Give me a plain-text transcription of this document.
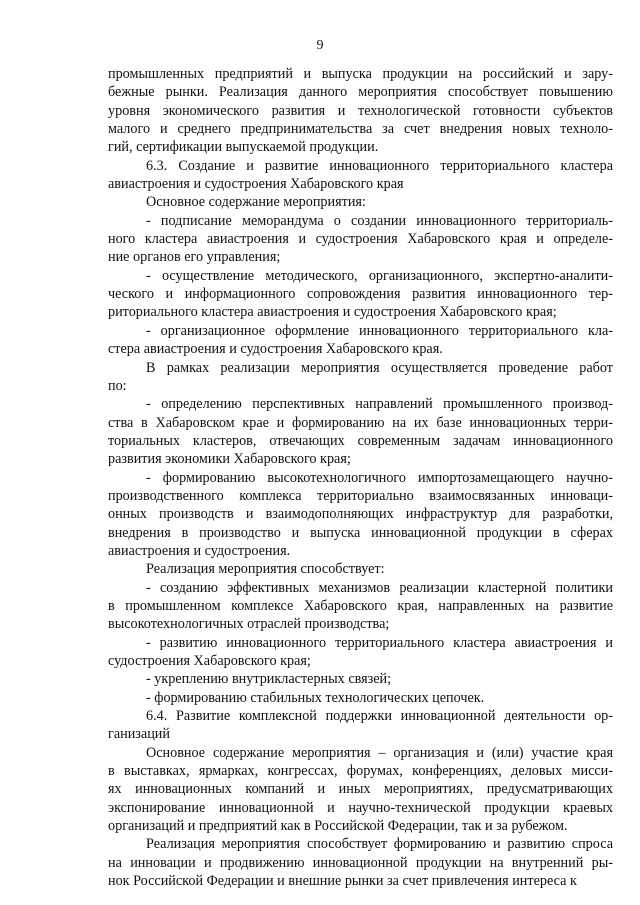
9
промышленных предприятий и выпуска продукции на российский и зару-
бежные рынки. Реализация данного мероприятия способствует повышению
уровня экономического развития и технологической готовности субъектов
малого и среднего предпринимательства за счет внедрения новых техноло-
гий, сертификации выпускаемой продукции.
6.3. Создание и развитие инновационного территориального кластера
авиастроения и судостроения Хабаровского края
Основное содержание мероприятия:
- подписание меморандума о создании инновационного территориаль-
ного кластера авиастроения и судостроения Хабаровского края и определе-
ние органов его управления;
- осуществление методического, организационного, экспертно-аналити-
ческого и информационного сопровождения развития инновационного тер-
риториального кластера авиастроения и судостроения Хабаровского края;
- организационное оформление инновационного территориального кла-
стера авиастроения и судостроения Хабаровского края.
В рамках реализации мероприятия осуществляется проведение работ
по:
- определению перспективных направлений промышленного производ-
ства в Хабаровском крае и формированию на их базе инновационных терри-
ториальных кластеров, отвечающих современным задачам инновационного
развития экономики Хабаровского края;
- формированию высокотехнологичного импортозамещающего научно-
производственного комплекса территориально взаимосвязанных инноваци-
онных производств и взаимодополняющих инфраструктур для разработки,
внедрения в производство и выпуска инновационной продукции в сферах
авиастроения и судостроения.
Реализация мероприятия способствует:
- созданию эффективных механизмов реализации кластерной политики
в промышленном комплексе Хабаровского края, направленных на развитие
высокотехнологичных отраслей производства;
- развитию инновационного территориального кластера авиастроения и
судостроения Хабаровского края;
- укреплению внутрикластерных связей;
- формированию стабильных технологических цепочек.
6.4. Развитие комплексной поддержки инновационной деятельности ор-
ганизаций
Основное содержание мероприятия – организация и (или) участие края
в выставках, ярмарках, конгрессах, форумах, конференциях, деловых мисси-
ях инновационных компаний и иных мероприятиях, предусматривающих
экспонирование инновационной и научно-технической продукции краевых
организаций и предприятий как в Российской Федерации, так и за рубежом.
Реализация мероприятия способствует формированию и развитию спроса
на инновации и продвижению инновационной продукции на внутренний ры-
нок Российской Федерации и внешние рынки за счет привлечения интереса к
